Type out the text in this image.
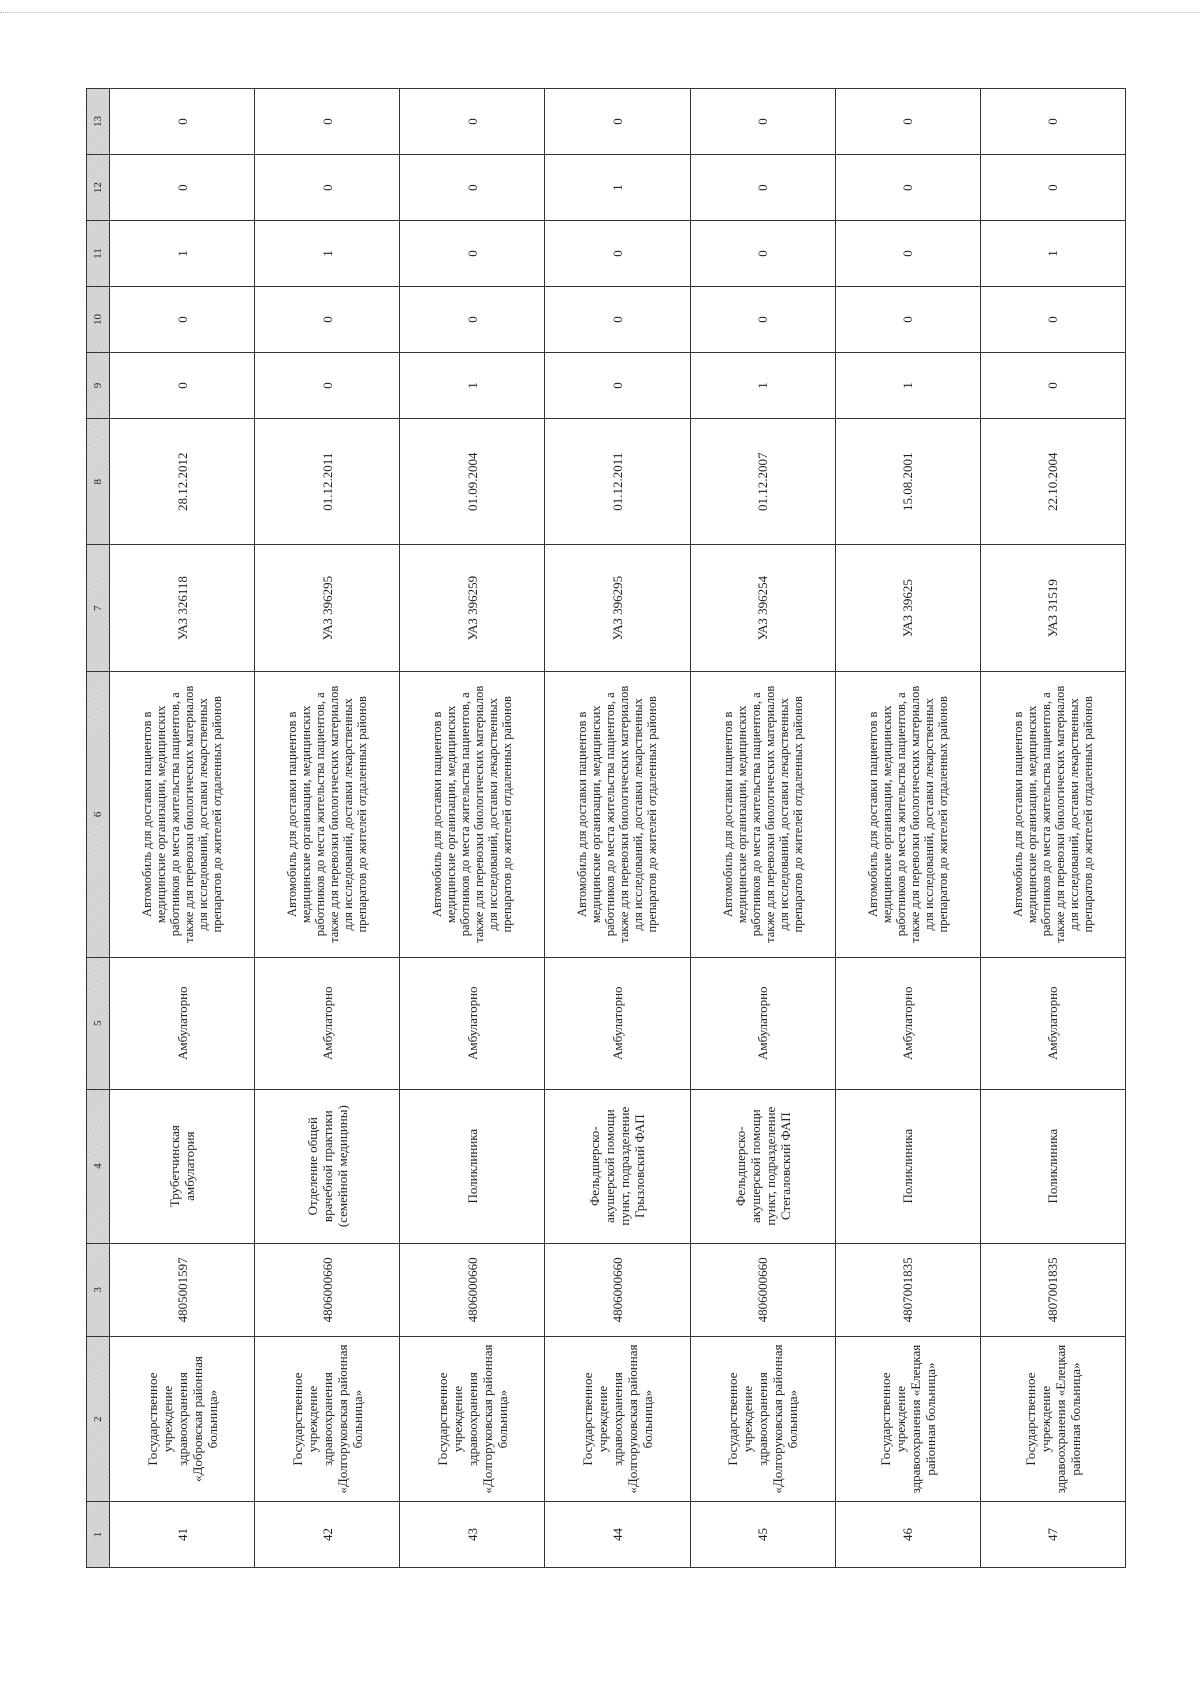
1	2	3	4	5	6	7	8	9	10	11	12	13
41	Государственное учреждение здравоохранения «Добровская районная больница»	4805001597	Трубетчинская амбулатория	Амбулаторно	Автомобиль для доставки пациентов в медицинские организации, медицинских работников до места жительства пациентов, а также для перевозки биологических материалов для исследований, доставки лекарственных препаратов до жителей отдаленных районов	УАЗ 326118	28.12.2012	0	0	1	0	0
42	Государственное учреждение здравоохранения «Долгоруковская районная больница»	4806000660	Отделение общей врачебной практики (семейной медицины)	Амбулаторно	Автомобиль для доставки пациентов в медицинские организации, медицинских работников до места жительства пациентов, а также для перевозки биологических материалов для исследований, доставки лекарственных препаратов до жителей отдаленных районов	УАЗ 396295	01.12.2011	0	0	1	0	0
43	Государственное учреждение здравоохранения «Долгоруковская районная больница»	4806000660	Поликлиника	Амбулаторно	Автомобиль для доставки пациентов в медицинские организации, медицинских работников до места жительства пациентов, а также для перевозки биологических материалов для исследований, доставки лекарственных препаратов до жителей отдаленных районов	УАЗ 396259	01.09.2004	1	0	0	0	0
44	Государственное учреждение здравоохранения «Долгоруковская районная больница»	4806000660	Фельдшерско-акушерской помощи пункт, подразделение Грызловский ФАП	Амбулаторно	Автомобиль для доставки пациентов в медицинские организации, медицинских работников до места жительства пациентов, а также для перевозки биологических материалов для исследований, доставки лекарственных препаратов до жителей отдаленных районов	УАЗ 396295	01.12.2011	0	0	0	1	0
45	Государственное учреждение здравоохранения «Долгоруковская районная больница»	4806000660	Фельдшерско-акушерской помощи пункт, подразделение Стегаловский ФАП	Амбулаторно	Автомобиль для доставки пациентов в медицинские организации, медицинских работников до места жительства пациентов, а также для перевозки биологических материалов для исследований, доставки лекарственных препаратов до жителей отдаленных районов	УАЗ 396254	01.12.2007	1	0	0	0	0
46	Государственное учреждение здравоохранения «Елецкая районная больница»	4807001835	Поликлиника	Амбулаторно	Автомобиль для доставки пациентов в медицинские организации, медицинских работников до места жительства пациентов, а также для перевозки биологических материалов для исследований, доставки лекарственных препаратов до жителей отдаленных районов	УАЗ 39625	15.08.2001	1	0	0	0	0
47	Государственное учреждение здравоохранения «Елецкая районная больница»	4807001835	Поликлиника	Амбулаторно	Автомобиль для доставки пациентов в медицинские организации, медицинских работников до места жительства пациентов, а также для перевозки биологических материалов для исследований, доставки лекарственных препаратов до жителей отдаленных районов	УАЗ 31519	22.10.2004	0	0	1	0	0
